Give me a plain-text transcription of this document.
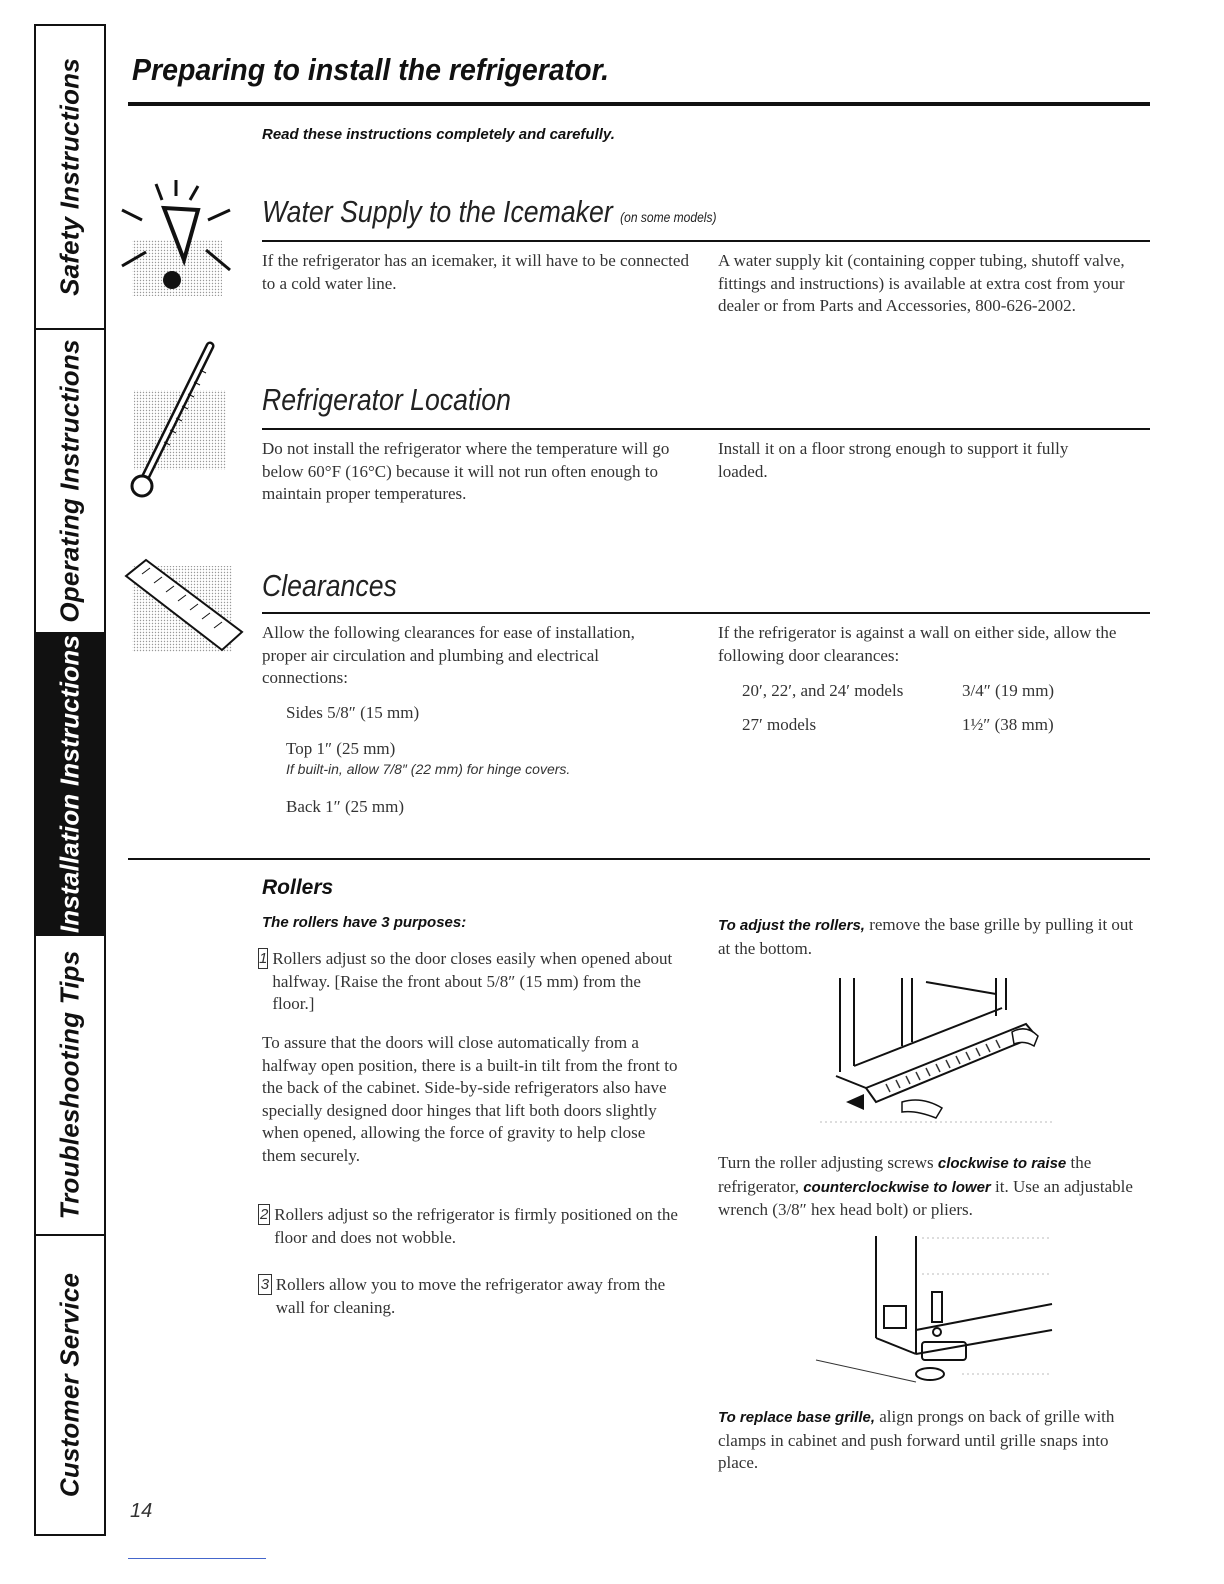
Safety Instructions
Operating Instructions
Installation Instructions
Troubleshooting Tips
Customer Service
Preparing to install the refrigerator.
Read these instructions completely and carefully.
Water Supply to the Icemaker (on some models)
If the refrigerator has an icemaker, it will have to be connected to a cold water line.
A water supply kit (containing copper tubing, shutoff valve, fittings and instructions) is available at extra cost from your dealer or from Parts and Accessories, 800-626-2002.
Refrigerator Location
Do not install the refrigerator where the temperature will go below 60°F (16°C) because it will not run often enough to maintain proper temperatures.
Install it on a floor strong enough to support it fully loaded.
Clearances
Allow the following clearances for ease of installation, proper air circulation and plumbing and electrical connections:
Sides 5/8″ (15 mm)
Top 1″ (25 mm)
If built-in, allow 7/8″ (22 mm) for hinge covers.
Back 1″ (25 mm)
If the refrigerator is against a wall on either side, allow the following door clearances:
20′, 22′, and 24′ models	3/4″ (19 mm)
27′ models	1½″ (38 mm)
Rollers
The rollers have 3 purposes:
1 Rollers adjust so the door closes easily when opened about halfway. [Raise the front about 5/8″ (15 mm) from the floor.]
To assure that the doors will close automatically from a halfway open position, there is a built-in tilt from the front to the back of the cabinet. Side-by-side refrigerators also have specially designed door hinges that lift both doors slightly when opened, allowing the force of gravity to help close them securely.
2 Rollers adjust so the refrigerator is firmly positioned on the floor and does not wobble.
3 Rollers allow you to move the refrigerator away from the wall for cleaning.
To adjust the rollers, remove the base grille by pulling it out at the bottom.
Turn the roller adjusting screws clockwise to raise the refrigerator, counterclockwise to lower it. Use an adjustable wrench (3/8″ hex head bolt) or pliers.
To replace base grille, align prongs on back of grille with clamps in cabinet and push forward until grille snaps into place.
14
